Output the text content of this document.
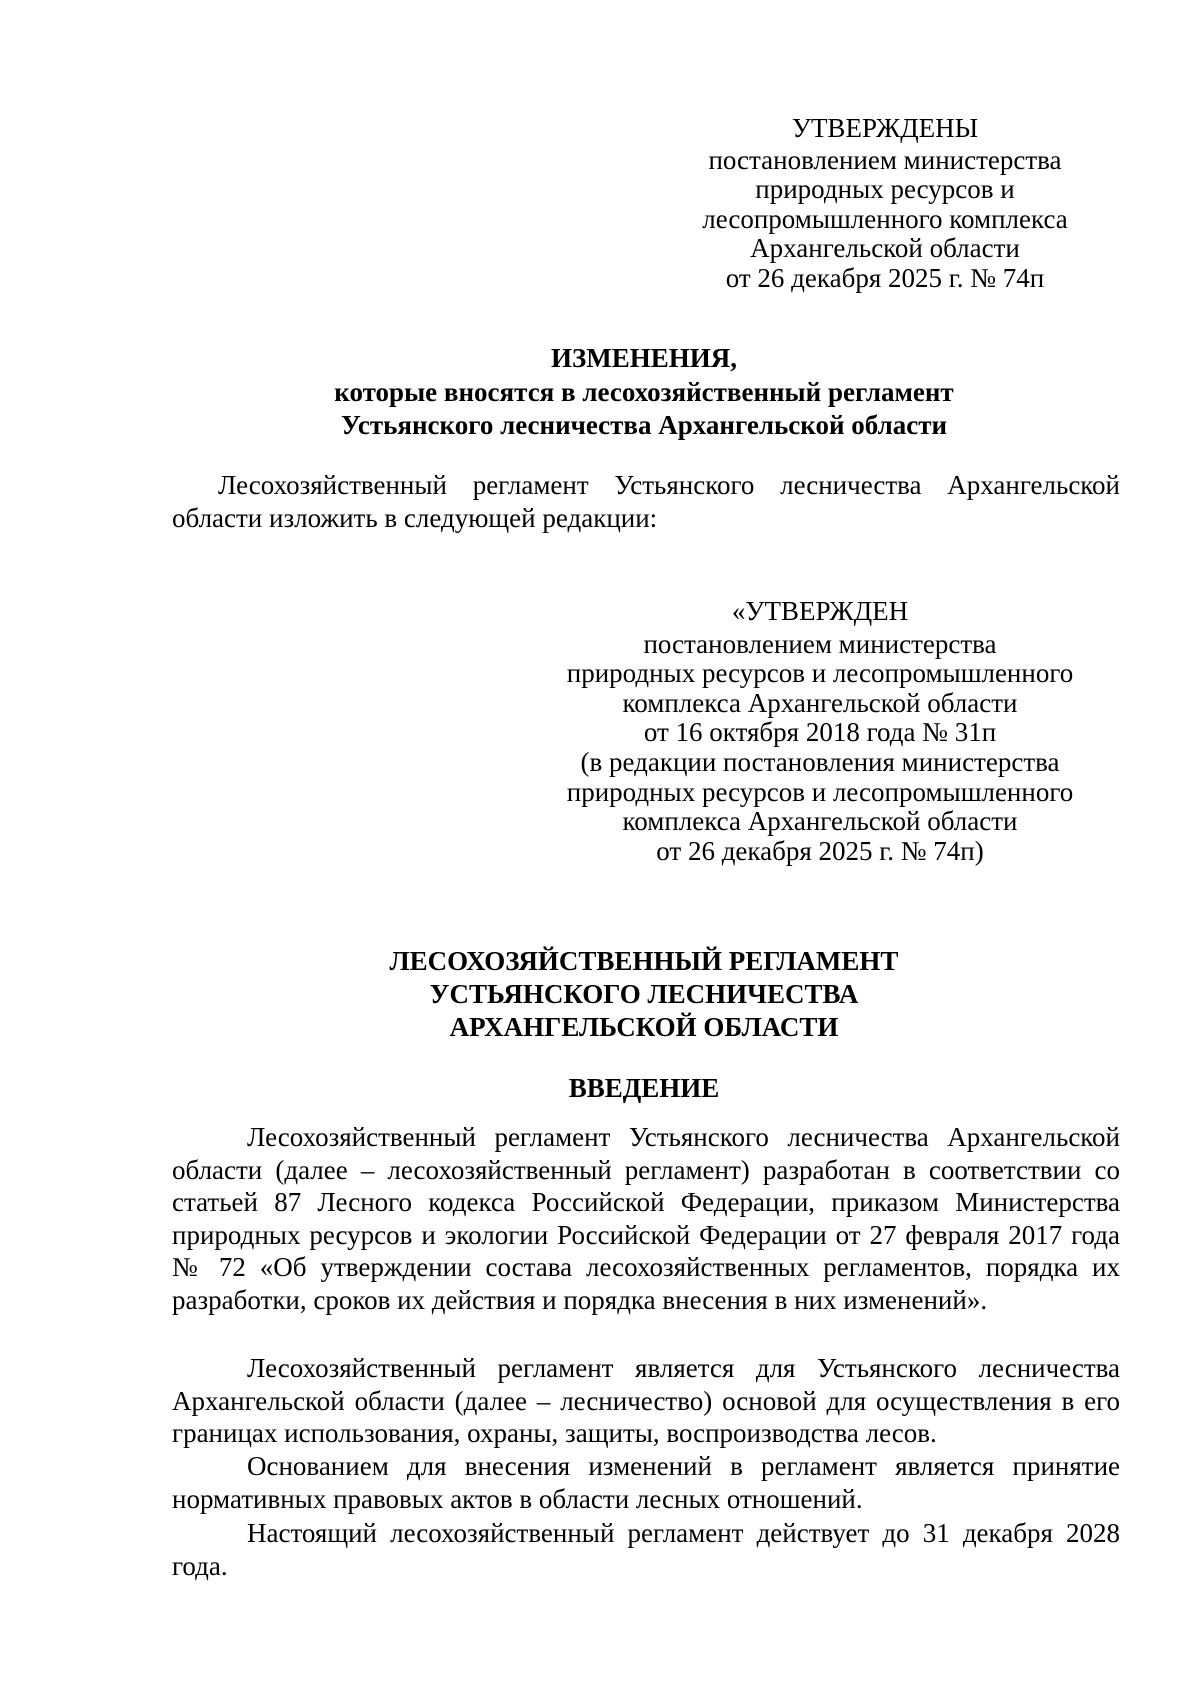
УТВЕРЖДЕНЫ
постановлением министерства
природных ресурсов и
лесопромышленного комплекса
Архангельской области
от 26 декабря 2025 г. № 74п
ИЗМЕНЕНИЯ,
которые вносятся в лесохозяйственный регламент
Устьянского лесничества Архангельской области

Лесохозяйственный регламент Устьянского лесничества Архангельской области изложить в следующей редакции:

«УТВЕРЖДЕН
постановлением министерства
природных ресурсов и лесопромышленного
комплекса Архангельской области
от 16 октября 2018 года № 31п
(в редакции постановления министерства
природных ресурсов и лесопромышленного
комплекса Архангельской области
от 26 декабря 2025 г. № 74п)
ЛЕСОХОЗЯЙСТВЕННЫЙ РЕГЛАМЕНТ
УСТЬЯНСКОГО ЛЕСНИЧЕСТВА
АРХАНГЕЛЬСКОЙ ОБЛАСТИ
ВВЕДЕНИЕ

Лесохозяйственный регламент Устьянского лесничества Архангельской области (далее – лесохозяйственный регламент) разработан в соответствии со статьей 87 Лесного кодекса Российской Федерации, приказом Министерства природных ресурсов и экологии Российской Федерации от 27 февраля 2017 года № 72 «Об утверждении состава лесохозяйственных регламентов, порядка их разработки, сроков их действия и порядка внесения в них изменений».

Лесохозяйственный регламент является для Устьянского лесничества Архангельской области (далее – лесничество) основой для осуществления в его границах использования, охраны, защиты, воспроизводства лесов.

Основанием для внесения изменений в регламент является принятие нормативных правовых актов в области лесных отношений.

Настоящий лесохозяйственный регламент действует до 31 декабря 2028 года.
